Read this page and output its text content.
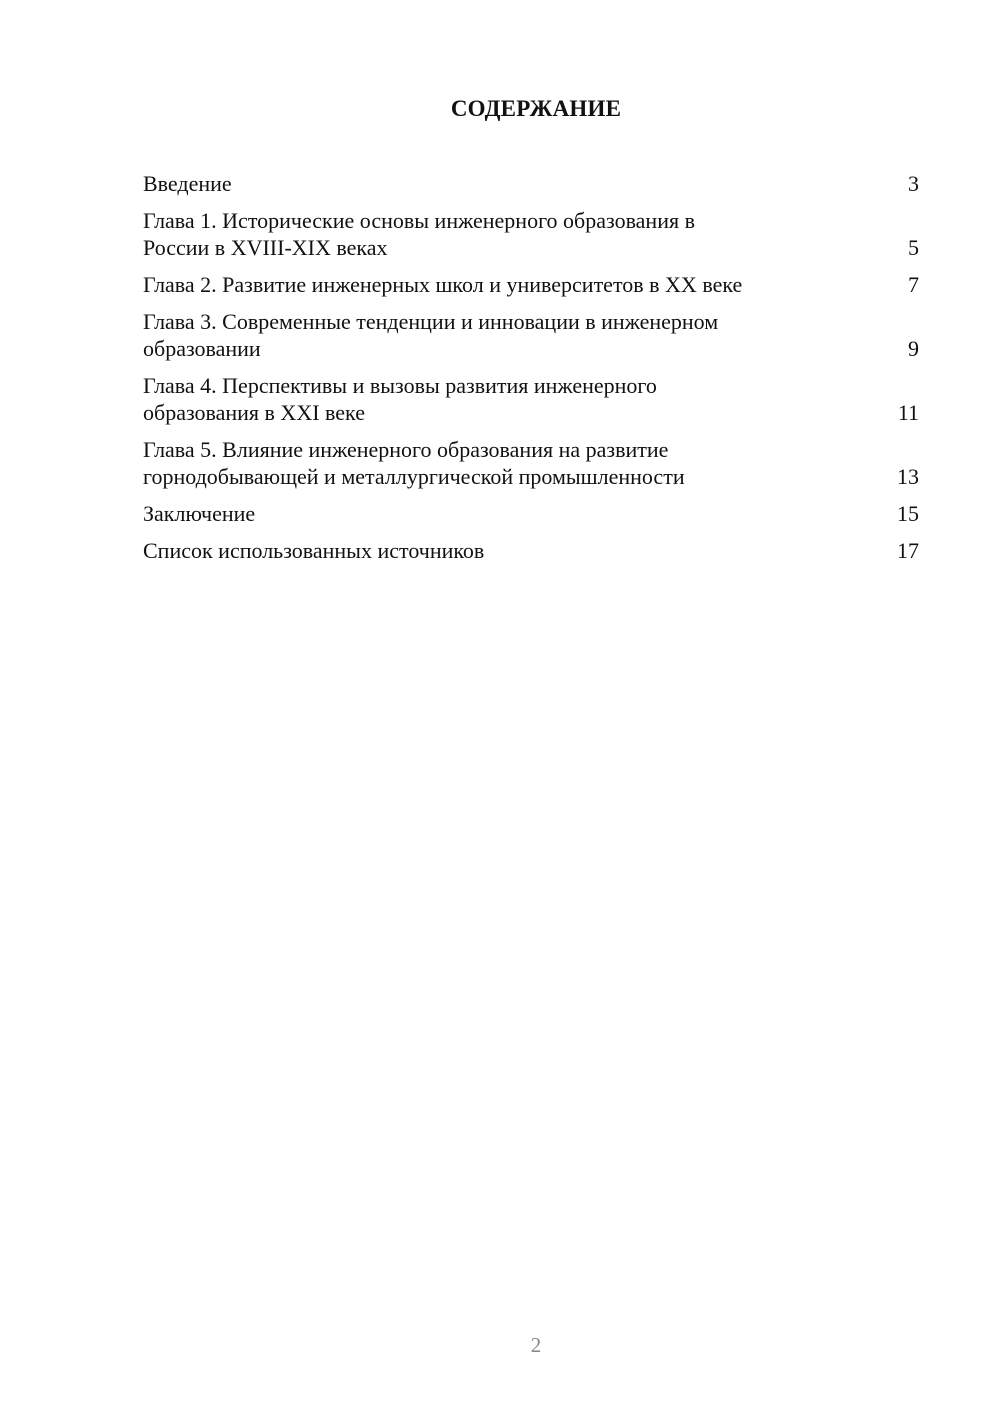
СОДЕРЖАНИЕ
Введение	3
Глава 1. Исторические основы инженерного образования в
России в XVIII-XIX веках	5
Глава 2. Развитие инженерных школ и университетов в XX веке	7
Глава 3. Современные тенденции и инновации в инженерном
образовании	9
Глава 4. Перспективы и вызовы развития инженерного
образования в XXI веке	11
Глава 5. Влияние инженерного образования на развитие
горнодобывающей и металлургической промышленности	13
Заключение	15
Список использованных источников	17
2
